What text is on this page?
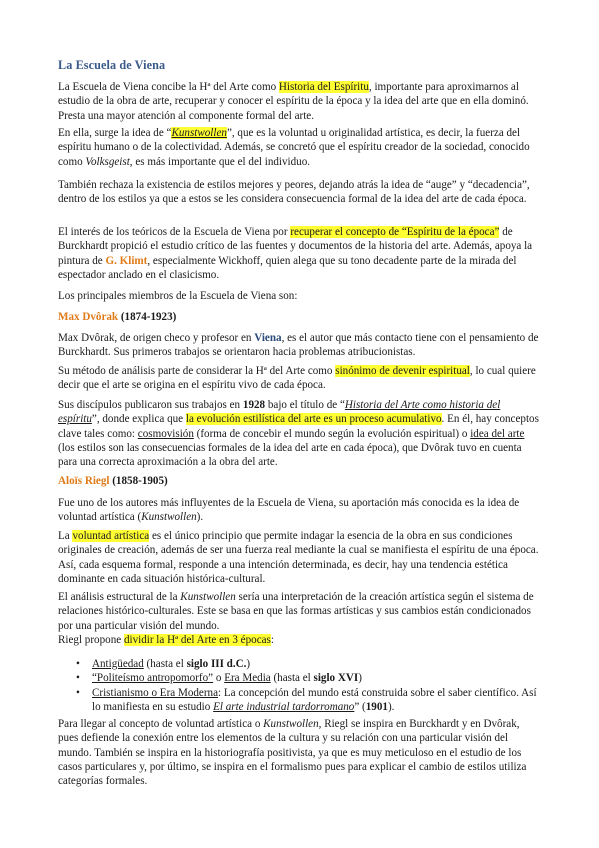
La Escuela de Viena

La Escuela de Viena concibe la Hª del Arte como Historia del Espíritu, importante para aproximarnos al estudio de la obra de arte, recuperar y conocer el espíritu de la época y la idea del arte que en ella dominó. Presta una mayor atención al componente formal del arte.

En ella, surge la idea de “Kunstwollen”, que es la voluntad u originalidad artística, es decir, la fuerza del espíritu humano o de la colectividad. Además, se concretó que el espíritu creador de la sociedad, conocido como Volksgeist, es más importante que el del individuo.

También rechaza la existencia de estilos mejores y peores, dejando atrás la idea de “auge” y “decadencia”, dentro de los estilos ya que a estos se les considera consecuencia formal de la idea del arte de cada época.

El interés de los teóricos de la Escuela de Viena por recuperar el concepto de “Espíritu de la época” de Burckhardt propició el estudio crítico de las fuentes y documentos de la historia del arte. Además, apoya la pintura de G. Klimt, especialmente Wickhoff, quien alega que su tono decadente parte de la mirada del espectador anclado en el clasicismo.

Los principales miembros de la Escuela de Viena son:

Max Dvôrak (1874-1923)

Max Dvôrak, de origen checo y profesor en Viena, es el autor que más contacto tiene con el pensamiento de Burckhardt. Sus primeros trabajos se orientaron hacia problemas atribucionistas.

Su método de análisis parte de considerar la Hª del Arte como sinónimo de devenir espiritual, lo cual quiere decir que el arte se origina en el espíritu vivo de cada época.

Sus discípulos publicaron sus trabajos en 1928 bajo el título de “Historia del Arte como historia del espíritu”, donde explica que la evolución estilística del arte es un proceso acumulativo. En él, hay conceptos clave tales como: cosmovisión (forma de concebir el mundo según la evolución espiritual) o idea del arte (los estilos son las consecuencias formales de la idea del arte en cada época), que Dvôrak tuvo en cuenta para una correcta aproximación a la obra del arte.

Aloïs Riegl (1858-1905)

Fue uno de los autores más influyentes de la Escuela de Viena, su aportación más conocida es la idea de voluntad artística (Kunstwollen).

La voluntad artística es el único principio que permite indagar la esencia de la obra en sus condiciones originales de creación, además de ser una fuerza real mediante la cual se manifiesta el espíritu de una época. Así, cada esquema formal, responde a una intención determinada, es decir, hay una tendencia estética dominante en cada situación histórica-cultural.

El análisis estructural de la Kunstwollen sería una interpretación de la creación artística según el sistema de relaciones histórico-culturales. Este se basa en que las formas artísticas y sus cambios están condicionados por una particular visión del mundo.
Riegl propone dividir la Hª del Arte en 3 épocas:

• Antigüedad (hasta el siglo III d.C.)
• “Politeísmo antropomorfo” o Era Media (hasta el siglo XVI)
• Cristianismo o Era Moderna: La concepción del mundo está construida sobre el saber científico. Así lo manifiesta en su estudio El arte industrial tardorromano” (1901).

Para llegar al concepto de voluntad artística o Kunstwollen, Riegl se inspira en Burckhardt y en Dvôrak, pues defiende la conexión entre los elementos de la cultura y su relación con una particular visión del mundo. También se inspira en la historiografía positivista, ya que es muy meticuloso en el estudio de los casos particulares y, por último, se inspira en el formalismo pues para explicar el cambio de estilos utiliza categorías formales.
